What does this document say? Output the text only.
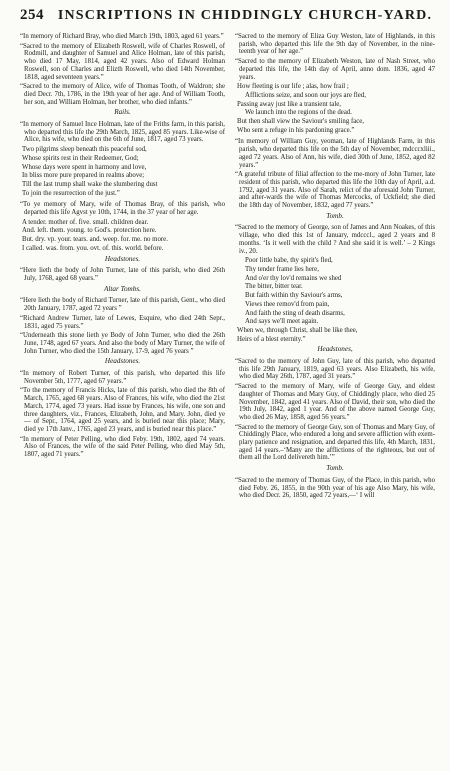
254 INSCRIPTIONS IN CHIDDINGLY CHURCH-YARD.
“In memory of Richard Bray, who died March 19th, 1803, aged 61 years.”
“Sacred to the memory of Elizabeth Roswell, wife of Charles Roswell, of Rodmill, and daughter of Samuel and Alice Holman, late of this parish, who died 17 May, 1814, aged 42 years. Also of Edward Holman Roswell, son of Charles and Elizth Roswell, who died 14th November, 1818, aged seventeen years.”
“Sacred to the memory of Alice, wife of Thomas Tooth, of Waldron; she died Decr. 7th, 1786, in the 19th year of her age. And of William Tooth, her son, and William Holman, her brother, who died infants.”
Rails.
“In memory of Samuel Ince Holman, late of the Friths farm, in this parish, who departed this life the 29th March, 1825, aged 85 years. Like-wise of Alice, his wife, who died on the 6th of June, 1817, aged 73 years.
Two pilgrims sleep beneath this peaceful sod,
Whose spirits rest in their Redeemer, God;
Whose days were spent in harmony and love,
In bliss more pure prepared in realms above;
Till the last trump shall wake the slumbering dust
To join the resurrection of the just.”
“To ye memory of Mary, wife of Thomas Bray, of this parish, who departed this life Agvst ye 10th, 1744, in the 37 year of her age.
A tender. mother of. five. small. children dear.
And. left. them. young. to God's. protection here.
But. dry. vp. your. tears. and. weep. for. me. no more.
I called. was. from. you. ovt. of. this. world. before.
Headstones.
“Here lieth the body of John Turner, late of this parish, who died 26th July, 1768, aged 68 years.”
Altar Tombs.
“Here lieth the body of Richard Turner, late of this parish, Gent., who died 20th January, 1787, aged 72 years ”
“Richard Andrew Turner, late of Lewes, Esquire, who died 24th Sepr., 1831, aged 75 years.”
“Underneath this stone lieth ye Body of John Turner, who died the 26th June, 1748, aged 67 years. And also the body of Mary Turner, the wife of John Turner, who died the 15th January, 17-9, aged 76 years ”
Headstones.
“In memory of Robert Turner, of this parish, who departed this life November 5th, 1777, aged 67 years.”
“To the memory of Francis Hicks, late of this parish, who died the 8th of March, 1765, aged 68 years. Also of Frances, his wife, who died the 21st March, 1774, aged 73 years. Had issue by Frances, his wife, one son and three daughters, viz., Frances, Elizabeth, John, and Mary. John, died ye — of Sepr., 1764, aged 25 years, and is buried near this place; Mary, died ye 17th Janv., 1765, aged 23 years, and is buried near this place.”
“In memory of Peter Pelling, who died Feby. 19th, 1802, aged 74 years. Also of Frances, the wife of the said Peter Pelling, who died May 5th, 1807, aged 71 years.”
“Sacred to the memory of Eliza Guy Weston, late of Highlands, in this parish, who departed this life the 9th day of November, in the nine-teenth year of her age.”
“Sacred to the memory of Elizabeth Weston, late of Nash Street, who departed this life, the 14th day of April, anno dom. 1836, aged 47 years.
How fleeting is our life ; alas, how frail ;
Afflictions seize, and soon our joys are fled,
Passing away just like a transient tale,
We launch into the regions of the dead.
But then shall view the Saviour's smiling face,
Who sent a refuge in his pardoning grace.”
“In memory of William Guy, yeoman, late of Highlands Farm, in this parish, who departed this life on the 5th day of November, mdcccxliii., aged 72 years. Also of Ann, his wife, died 30th of June, 1852, aged 82 years.”
“A grateful tribute of filial affection to the me-mory of John Turner, late resident of this parish, who departed this life the 10th day of April, a.d. 1792, aged 31 years. Also of Sarah, relict of the aforesaid John Turner, and after-wards the wife of Thomas Mercocks, of Uckfield; she died the 18th day of November, 1832, aged 77 years.”
Tomb.
“Sacred to the memory of George, son of James and Ann Noakes, of this village, who died this 1st of January, mdcccl., aged 2 years and 8 months. ‘Is it well with the child ? And she said it is well.’ – 2 Kings iv., 20.
Poor little babe, thy spirit's fled,
Thy tender frame lies here,
And o'er thy lov'd remains we shed
The bitter, bitter tear.
But faith within thy Saviour's arms,
Views thee remov'd from pain,
And faith the sting of death disarms,
And says we'll meet again.
When we, through Christ, shall be like thee,
Heirs of a blest eternity.”
Headstones,
“Sacred to the memory of John Guy, late of this parish, who departed this life 29th January, 1819, aged 63 years. Also Elizabeth, his wife, who died May 26th, 1787, aged 31 years.”
“Sacred to the memory of Mary, wife of George Guy, and eldest daughter of Thomas and Mary Guy, of Chiddingly place, who died 25 November, 1842, aged 41 years. Also of David, their son, who died the 19th July, 1842, aged 1 year. And of the above named George Guy, who died 26 May, 1858, aged 56 years.”
“Sacred to the memory of George Guy, son of Thomas and Mary Guy, of Chiddingly Place, who endured a long and severe affliction with exem-plary patience and resignation, and departed this life, 4th March, 1831, aged 14 years.–‘Many are the afflictions of the righteous, but out of them all the Lord delivereth him.’”
Tomb.
“Sacred to the memory of Thomas Guy, of the Place, in this parish, who died Feby. 26, 1855, in the 90th year of his age Also Mary, his wife, who died Decr. 26, 1850, aged 72 years,—‘ I will
